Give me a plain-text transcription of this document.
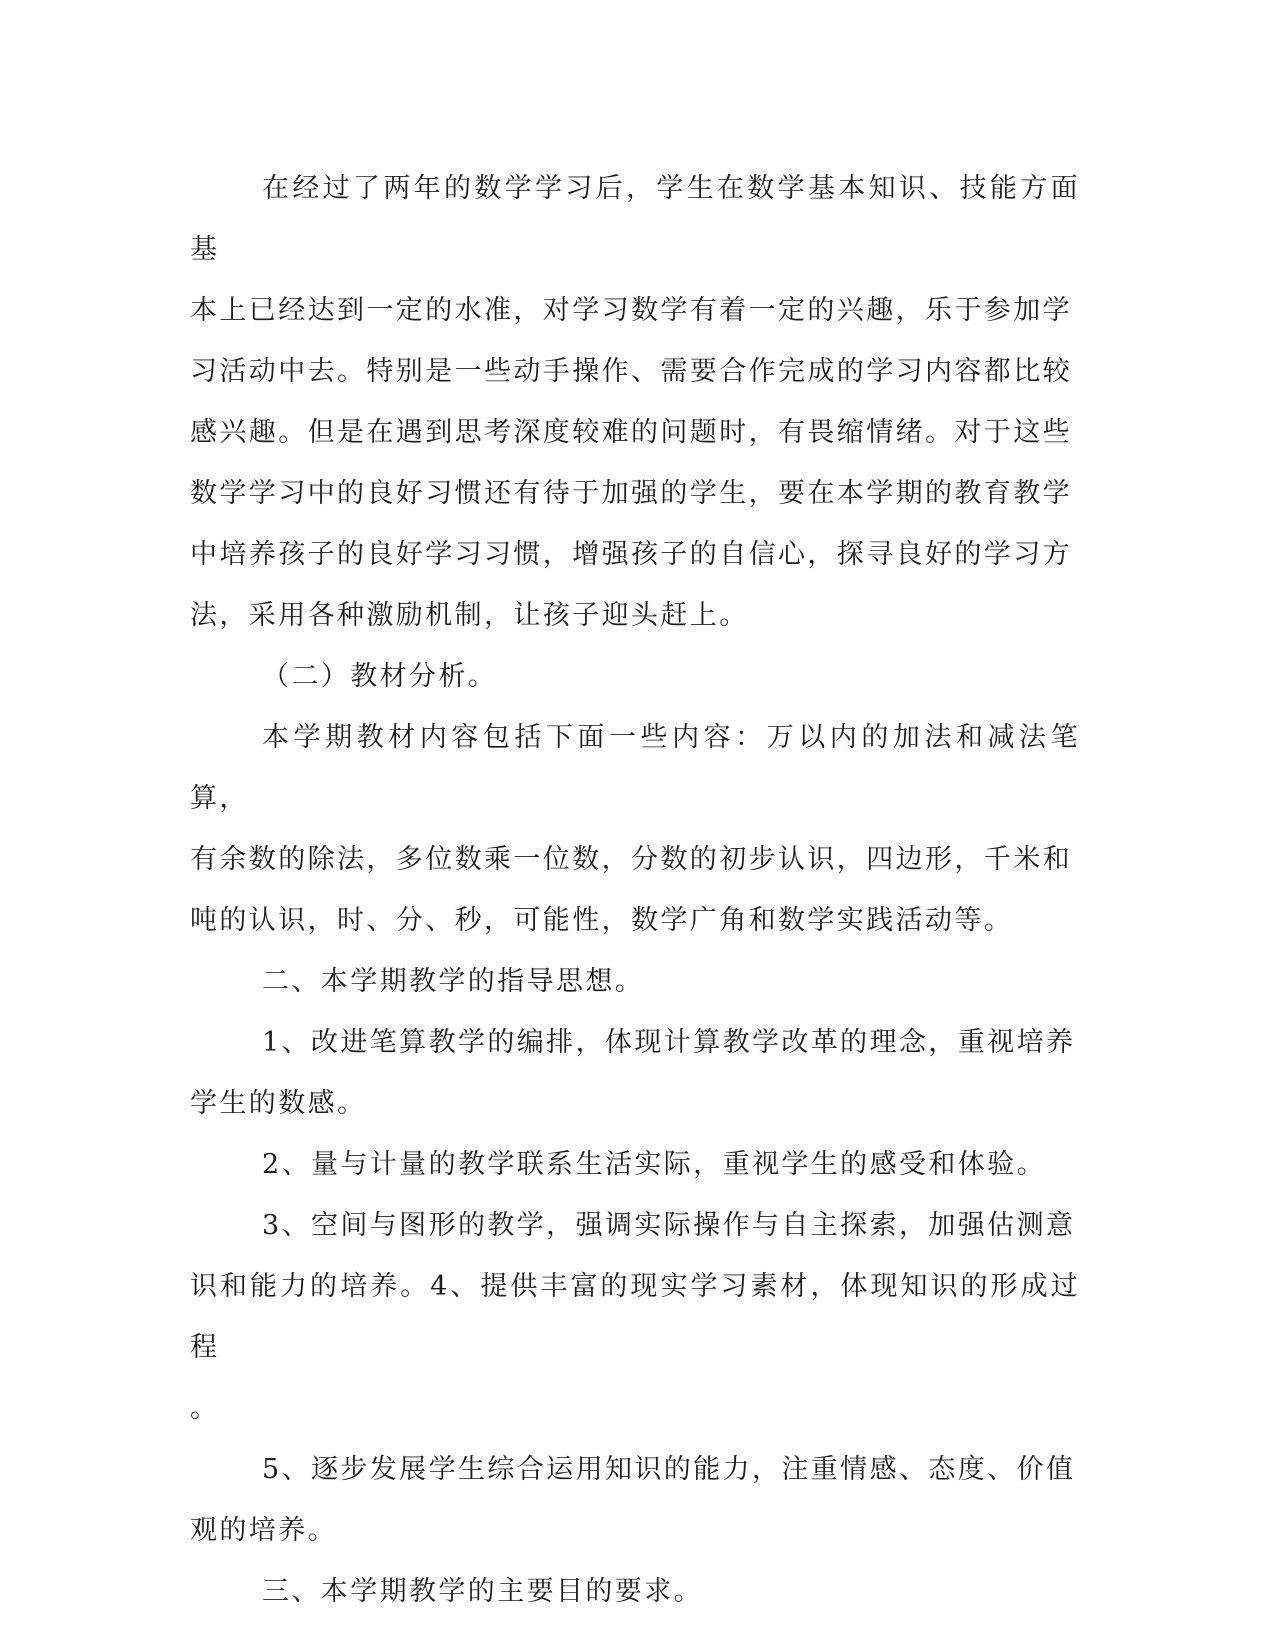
在经过了两年的数学学习后，学生在数学基本知识、技能方面基
本上已经达到一定的水准，对学习数学有着一定的兴趣，乐于参加学
习活动中去。特别是一些动手操作、需要合作完成的学习内容都比较
感兴趣。但是在遇到思考深度较难的问题时，有畏缩情绪。对于这些
数学学习中的良好习惯还有待于加强的学生，要在本学期的教育教学
中培养孩子的良好学习习惯，增强孩子的自信心，探寻良好的学习方
法，采用各种激励机制，让孩子迎头赶上。

（二）教材分析。

本学期教材内容包括下面一些内容：万以内的加法和减法笔算，
有余数的除法，多位数乘一位数，分数的初步认识，四边形，千米和
吨的认识，时、分、秒，可能性，数学广角和数学实践活动等。

二、本学期教学的指导思想。

1、改进笔算教学的编排，体现计算教学改革的理念，重视培养
学生的数感。

2、量与计量的教学联系生活实际，重视学生的感受和体验。

3、空间与图形的教学，强调实际操作与自主探索，加强估测意
识和能力的培养。4、提供丰富的现实学习素材，体现知识的形成过程
。

5、逐步发展学生综合运用知识的能力，注重情感、态度、价值
观的培养。

三、本学期教学的主要目的要求。
